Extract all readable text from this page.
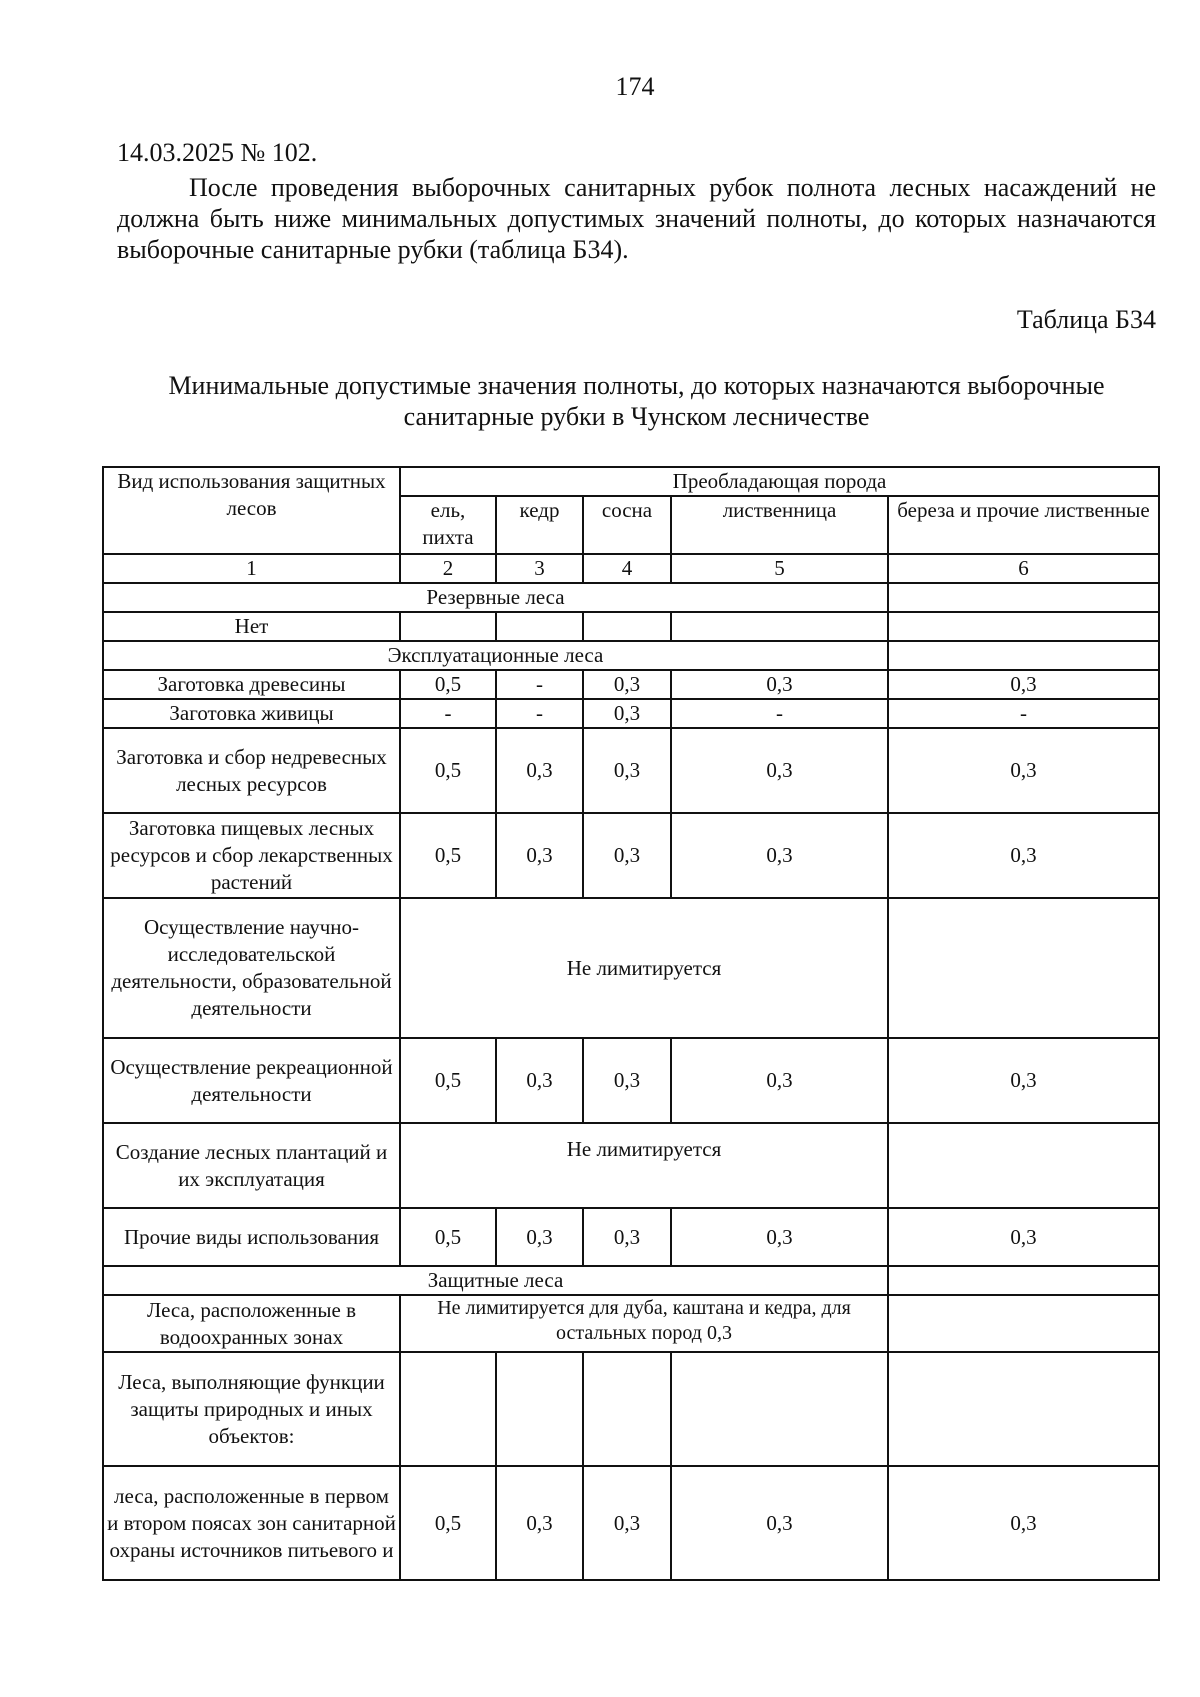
174
14.03.2025 № 102.
После проведения выборочных санитарных рубок полнота лесных насаждений не должна быть ниже минимальных допустимых значений полноты, до которых назначаются выборочные санитарные рубки (таблица Б34).
Таблица Б34
Минимальные допустимые значения полноты, до которых назначаются выборочные санитарные рубки в Чунском лесничестве
Вид использования защитных лесов	Преобладающая порода				
	ель, пихта	кедр	сосна	лиственница	береза и прочие лиственные
1	2	3	4	5	6
Резервные леса					
Нет					
Эксплуатационные леса					
Заготовка древесины	0,5	-	0,3	0,3	0,3
Заготовка живицы	-	-	0,3	-	-
Заготовка и сбор недревесных лесных ресурсов	0,5	0,3	0,3	0,3	0,3
Заготовка пищевых лесных ресурсов и сбор лекарственных растений	0,5	0,3	0,3	0,3	0,3
Осуществление научно-исследовательской деятельности, образовательной деятельности	Не лимитируется				
Осуществление рекреационной деятельности	0,5	0,3	0,3	0,3	0,3
Создание лесных плантаций и их эксплуатация	Не лимитируется				
Прочие виды использования	0,5	0,3	0,3	0,3	0,3
Защитные леса					
Леса, расположенные в водоохранных зонах	Не лимитируется для дуба, каштана и кедра, для остальных пород 0,3				
Леса, выполняющие функции защиты природных и иных объектов:					
леса, расположенные в первом и втором поясах зон санитарной охраны источников питьевого и	0,5	0,3	0,3	0,3	0,3
